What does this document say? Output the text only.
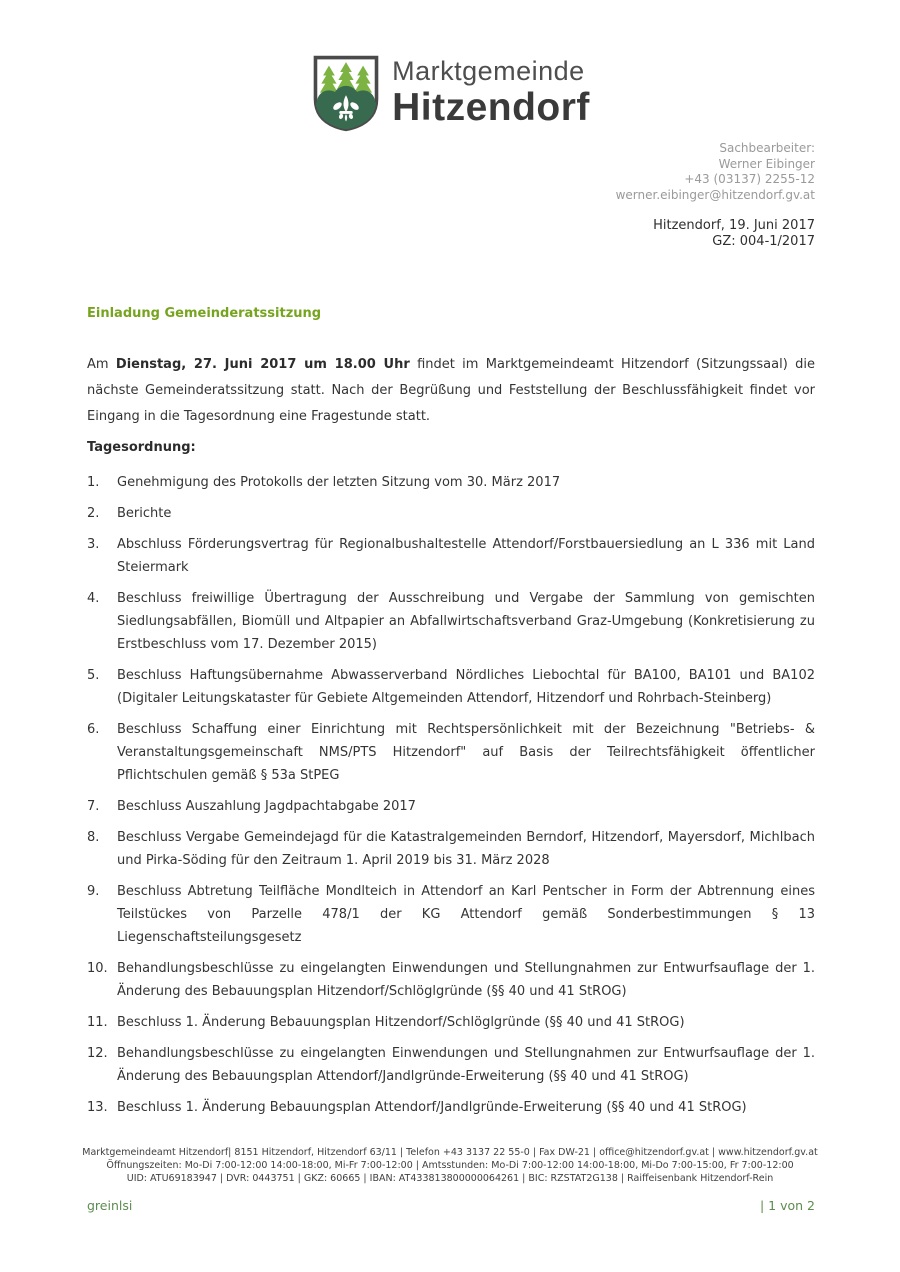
Marktgemeinde
Hitzendorf
Sachbearbeiter:
Werner Eibinger
+43 (03137) 2255-12
werner.eibinger@hitzendorf.gv.at
Hitzendorf, 19. Juni 2017
GZ: 004-1/2017
Einladung Gemeinderatssitzung

Am Dienstag, 27. Juni 2017 um 18.00 Uhr findet im Marktgemeindeamt Hitzendorf (Sitzungssaal) die nächste Gemeinderatssitzung statt. Nach der Begrüßung und Feststellung der Beschlussfähigkeit findet vor Eingang in die Tagesordnung eine Fragestunde statt.

Tagesordnung:
1. Genehmigung des Protokolls der letzten Sitzung vom 30. März 2017
2. Berichte
3. Abschluss Förderungsvertrag für Regionalbushaltestelle Attendorf/Forstbauersiedlung an L 336 mit Land Steiermark
4. Beschluss freiwillige Übertragung der Ausschreibung und Vergabe der Sammlung von gemischten Siedlungsabfällen, Biomüll und Altpapier an Abfallwirtschaftsverband Graz-Umgebung (Konkretisierung zu Erstbeschluss vom 17. Dezember 2015)
5. Beschluss Haftungsübernahme Abwasserverband Nördliches Liebochtal für BA100, BA101 und BA102 (Digitaler Leitungskataster für Gebiete Altgemeinden Attendorf, Hitzendorf und Rohrbach-Steinberg)
6. Beschluss Schaffung einer Einrichtung mit Rechtspersönlichkeit mit der Bezeichnung "Betriebs- & Veranstaltungsgemeinschaft NMS/PTS Hitzendorf" auf Basis der Teilrechtsfähigkeit öffentlicher Pflichtschulen gemäß § 53a StPEG
7. Beschluss Auszahlung Jagdpachtabgabe 2017
8. Beschluss Vergabe Gemeindejagd für die Katastralgemeinden Berndorf, Hitzendorf, Mayersdorf, Michlbach und Pirka-Söding für den Zeitraum 1. April 2019 bis 31. März 2028
9. Beschluss Abtretung Teilfläche Mondlteich in Attendorf an Karl Pentscher in Form der Abtrennung eines Teilstückes von Parzelle 478/1 der KG Attendorf gemäß Sonderbestimmungen § 13 Liegenschaftsteilungsgesetz
10. Behandlungsbeschlüsse zu eingelangten Einwendungen und Stellungnahmen zur Entwurfsauflage der 1. Änderung des Bebauungsplan Hitzendorf/Schlöglgründe (§§ 40 und 41 StROG)
11. Beschluss 1. Änderung Bebauungsplan Hitzendorf/Schlöglgründe (§§ 40 und 41 StROG)
12. Behandlungsbeschlüsse zu eingelangten Einwendungen und Stellungnahmen zur Entwurfsauflage der 1. Änderung des Bebauungsplan Attendorf/Jandlgründe-Erweiterung (§§ 40 und 41 StROG)
13. Beschluss 1. Änderung Bebauungsplan Attendorf/Jandlgründe-Erweiterung (§§ 40 und 41 StROG)
Marktgemeindeamt Hitzendorf| 8151 Hitzendorf, Hitzendorf 63/11 | Telefon +43 3137 22 55-0 | Fax DW-21 | office@hitzendorf.gv.at | www.hitzendorf.gv.at
Öffnungszeiten: Mo-Di 7:00-12:00 14:00-18:00, Mi-Fr 7:00-12:00 | Amtsstunden: Mo-Di 7:00-12:00 14:00-18:00, Mi-Do 7:00-15:00, Fr 7:00-12:00
UID: ATU69183947 | DVR: 0443751 | GKZ: 60665 | IBAN: AT433813800000064261 | BIC: RZSTAT2G138 | Raiffeisenbank Hitzendorf-Rein
greinlsi	| 1 von 2
